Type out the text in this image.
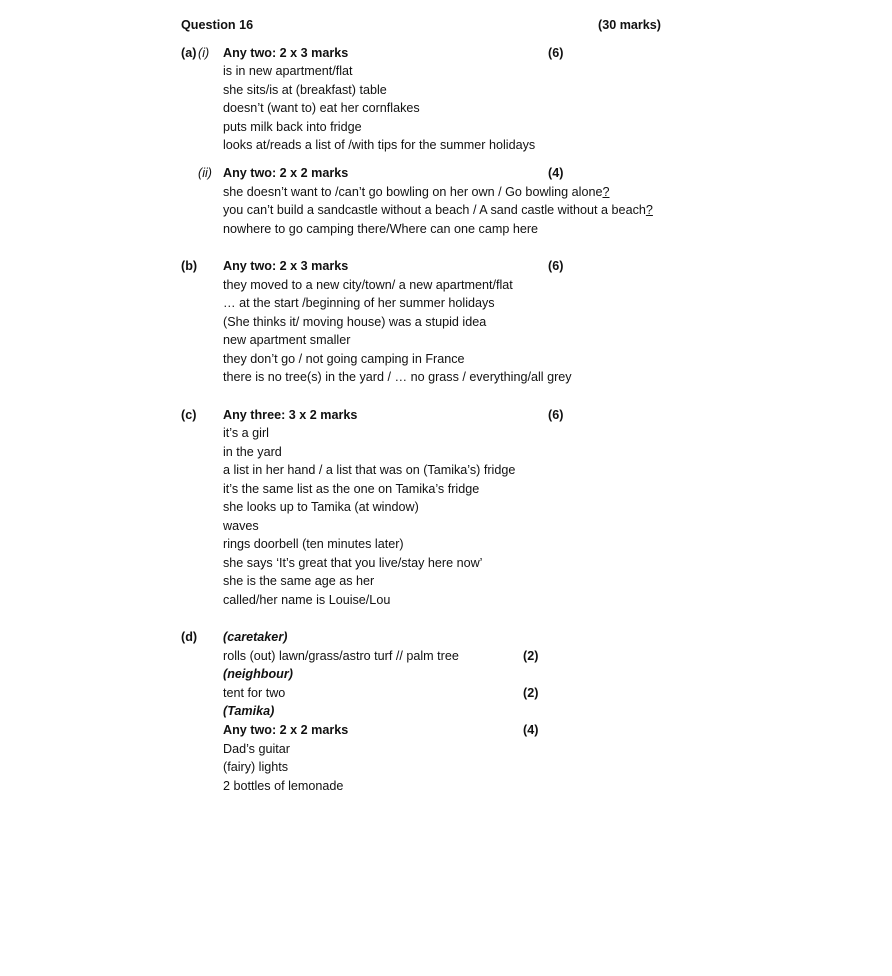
Question 16	(30 marks)
(a) (i) Any two: 2 x 3 marks	(6)
is in new apartment/flat
she sits/is at (breakfast) table
doesn’t (want to) eat her cornflakes
puts milk back into fridge
looks at/reads a list of /with tips for the summer holidays
(ii) Any two: 2 x 2 marks	(4)
she doesn’t want to /can’t go bowling on her own / Go bowling alone?
you can’t build a sandcastle without a beach / A sand castle without a beach?
nowhere to go camping there/Where can one camp here
(b) Any two: 2 x 3 marks	(6)
they moved to a new city/town/ a new apartment/flat
… at the start /beginning of her summer holidays
(She thinks it/ moving house) was a stupid idea
new apartment smaller
they don’t go / not going camping in France
there is no tree(s) in the yard / … no grass / everything/all grey
(c) Any three: 3 x 2 marks	(6)
it’s a girl
in the yard
a list in her hand / a list that was on (Tamika’s) fridge
it’s the same list as the one on Tamika’s fridge
she looks up to Tamika (at window)
waves
rings doorbell (ten minutes later)
she says ‘It’s great that you live/stay here now’
she is the same age as her
called/her name is Louise/Lou
(d) (caretaker)
rolls (out) lawn/grass/astro turf // palm tree	(2)
(neighbour)
tent for two	(2)
(Tamika)
Any two: 2 x 2 marks	(4)
Dad’s guitar
(fairy) lights
2 bottles of lemonade
